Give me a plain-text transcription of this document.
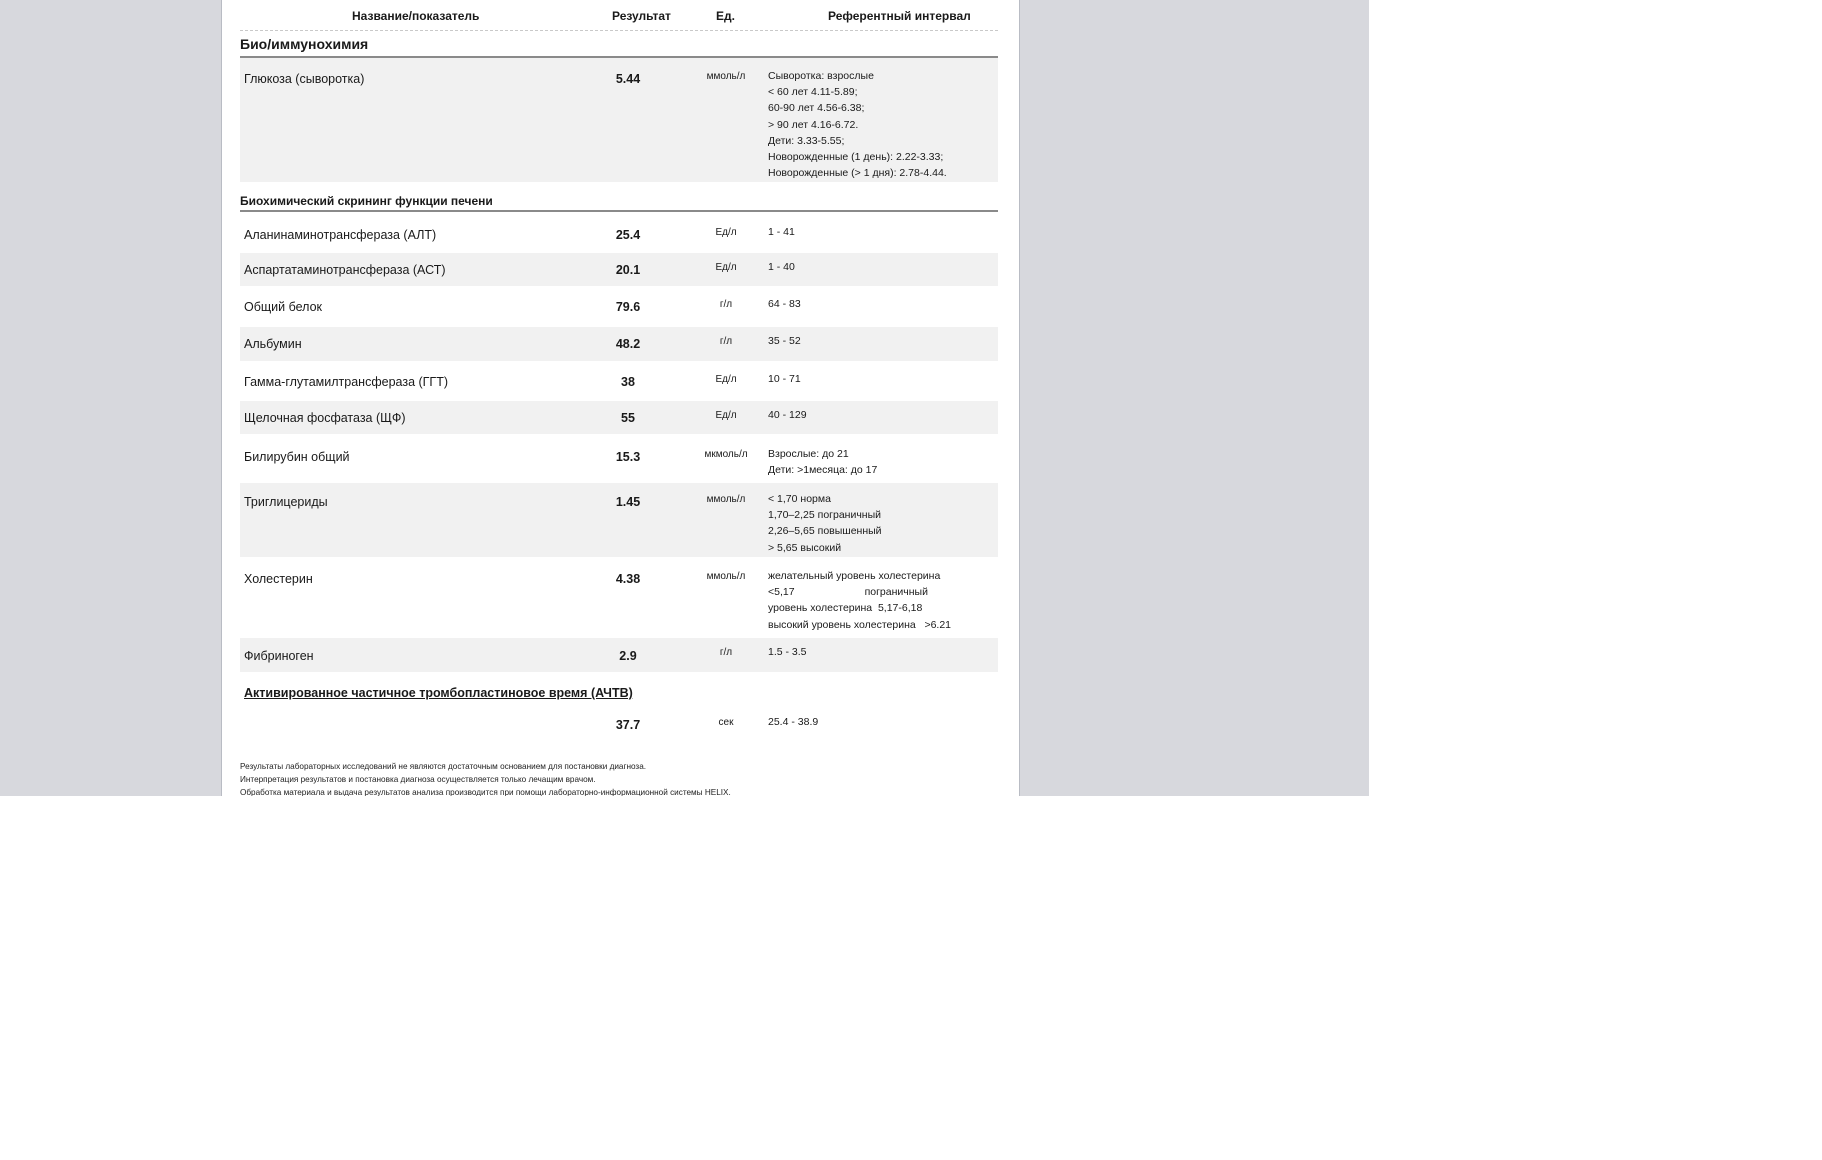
Название/показатель	Результат	Ед.	Референтный интервал
Био/иммунохимия
Глюкоза (сыворотка)	5.44	ммоль/л	Сыворотка: взрослые
< 60 лет 4.11-5.89;
60-90 лет 4.56-6.38;
> 90 лет 4.16-6.72.
Дети: 3.33-5.55;
Новорожденные (1 день): 2.22-3.33;
Новорожденные (> 1 дня): 2.78-4.44.
Биохимический скрининг функции печени
Аланинаминотрансфераза (АЛТ)	25.4	Ед/л	1 - 41
Аспартатаминотрансфераза (АСТ)	20.1	Ед/л	1 - 40
Общий белок	79.6	г/л	64 - 83
Альбумин	48.2	г/л	35 - 52
Гамма-глутамилтрансфераза (ГГТ)	38	Ед/л	10 - 71
Щелочная фосфатаза (ЩФ)	55	Ед/л	40 - 129
Билирубин общий	15.3	мкмоль/л	Взрослые: до 21
Дети: >1месяца: до 17
Триглицериды	1.45	ммоль/л	< 1,70 норма
1,70–2,25 пограничный
2,26–5,65 повышенный
> 5,65 высокий
Холестерин	4.38	ммоль/л	желательный уровень холестерина
<5,17                        пограничный
уровень холестерина  5,17-6,18
высокий уровень холестерина   >6.21
Фибриноген	2.9	г/л	1.5 - 3.5
Активированное частичное тромбопластиновое время (АЧТВ)
37.7	сек	25.4 - 38.9
Результаты лабораторных исследований не являются достаточным основанием для постановки диагноза.
Интерпретация результатов и постановка диагноза осуществляется только лечащим врачом.
Обработка материала и выдача результатов анализа производится при помощи лабораторно-информационной системы HELIX.
